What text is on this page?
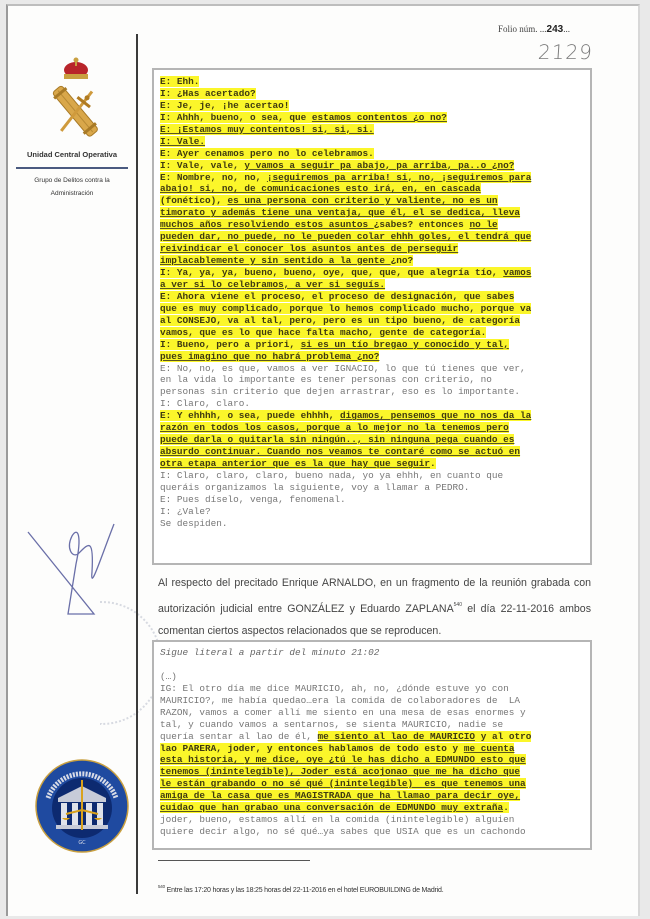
Folio núm. ...243...
2129
Unidad Central Operativa
Grupo de Delitos contra la
Administración
GC
E: Ehh.
I: ¿Has acertado?
E: Je, je, ¡he acertao!
I: Ahhh, bueno, o sea, que estamos contentos ¿o no?
E: ¡Estamos muy contentos! si, si, si.
I: Vale.
E: Ayer cenamos pero no lo celebramos.
I: Vale, vale, y vamos a seguir pa abajo, pa arriba, pa..o ¿no?
E: Nombre, no, no, ¡seguiremos pa arriba! si, no, ¡seguiremos para
abajo! si, no, de comunicaciones esto irá, en, en cascada
(fonético), es una persona con criterio y valiente, no es un
timorato y además tiene una ventaja, que él, el se dedica, lleva
muchos años resolviendo estos asuntos ¿sabes? entonces no le
pueden dar, no puede, no le pueden colar ehhh goles, el tendrá que
reivindicar el conocer los asuntos antes de perseguir
implacablemente y sin sentido a la gente ¿no?
I: Ya, ya, ya, bueno, bueno, oye, que, que, que alegría tío, vamos
a ver si lo celebramos, a ver si seguís.
E: Ahora viene el proceso, el proceso de designación, que sabes
que es muy complicado, porque lo hemos complicado mucho, porque va
al CONSEJO, va al tal, pero, pero es un tipo bueno, de categoría
vamos, que es lo que hace falta macho, gente de categoría.
I: Bueno, pero a priori, si es un tío bregao y conocido y tal,
pues imagino que no habrá problema ¿no?
E: No, no, es que, vamos a ver IGNACIO, lo que tú tienes que ver,
en la vida lo importante es tener personas con criterio, no
personas sin criterio que dejen arrastrar, eso es lo importante.
I: Claro, claro.
E: Y ehhhh, o sea, puede ehhhh, digamos, pensemos que no nos da la
razón en todos los casos, porque a lo mejor no la tenemos pero
puede darla o quitarla sin ningún.., sin ninguna pega cuando es
absurdo continuar. Cuando nos veamos te contaré como se actuó en
otra etapa anterior que es la que hay que seguir.
I: Claro, claro, claro, bueno nada, yo ya ehhh, en cuanto que
queráis organizamos la siguiente, voy a llamar a PEDRO.
E: Pues díselo, venga, fenomenal.
I: ¿Vale?
Se despiden.
Al respecto del precitado Enrique ARNALDO, en un fragmento de la reunión grabada con autorización judicial entre GONZÁLEZ y Eduardo ZAPLANA$^{540}$ el día 22-11-2016 ambos comentan ciertos aspectos relacionados que se reproducen.
Sigue literal a partir del minuto 21:02
(…)
IG: El otro día me dice MAURICIO, ah, no, ¿dónde estuve yo con
MAURICIO?, me había quedao…era la comida de colaboradores de  LA
RAZON, vamos a comer allí me siento en una mesa de esas enormes y
tal, y cuando vamos a sentarnos, se sienta MAURICIO, nadie se
quería sentar al lao de él, me siento al lao de MAURICIO y al otro
lao PARERA, joder, y entonces hablamos de todo esto y me cuenta
esta historia, y me dice, oye ¿tú le has dicho a EDMUNDO esto que
tenemos (inintelegible), Joder está acojonao que me ha dicho que
le están grabando o no sé qué (inintelegible)  es que tenemos una
amiga de la casa que es MAGISTRADA que ha llamao para decir oye,
cuidao que han grabao una conversación de EDMUNDO muy extraña.
joder, bueno, estamos allí en la comida (inintelegible) alguien
quiere decir algo, no sé qué…ya sabes que USIA que es un cachondo
$^{540}$ Entre las 17:20 horas y las 18:25 horas del 22-11-2016 en el hotel EUROBUILDING de Madrid.
